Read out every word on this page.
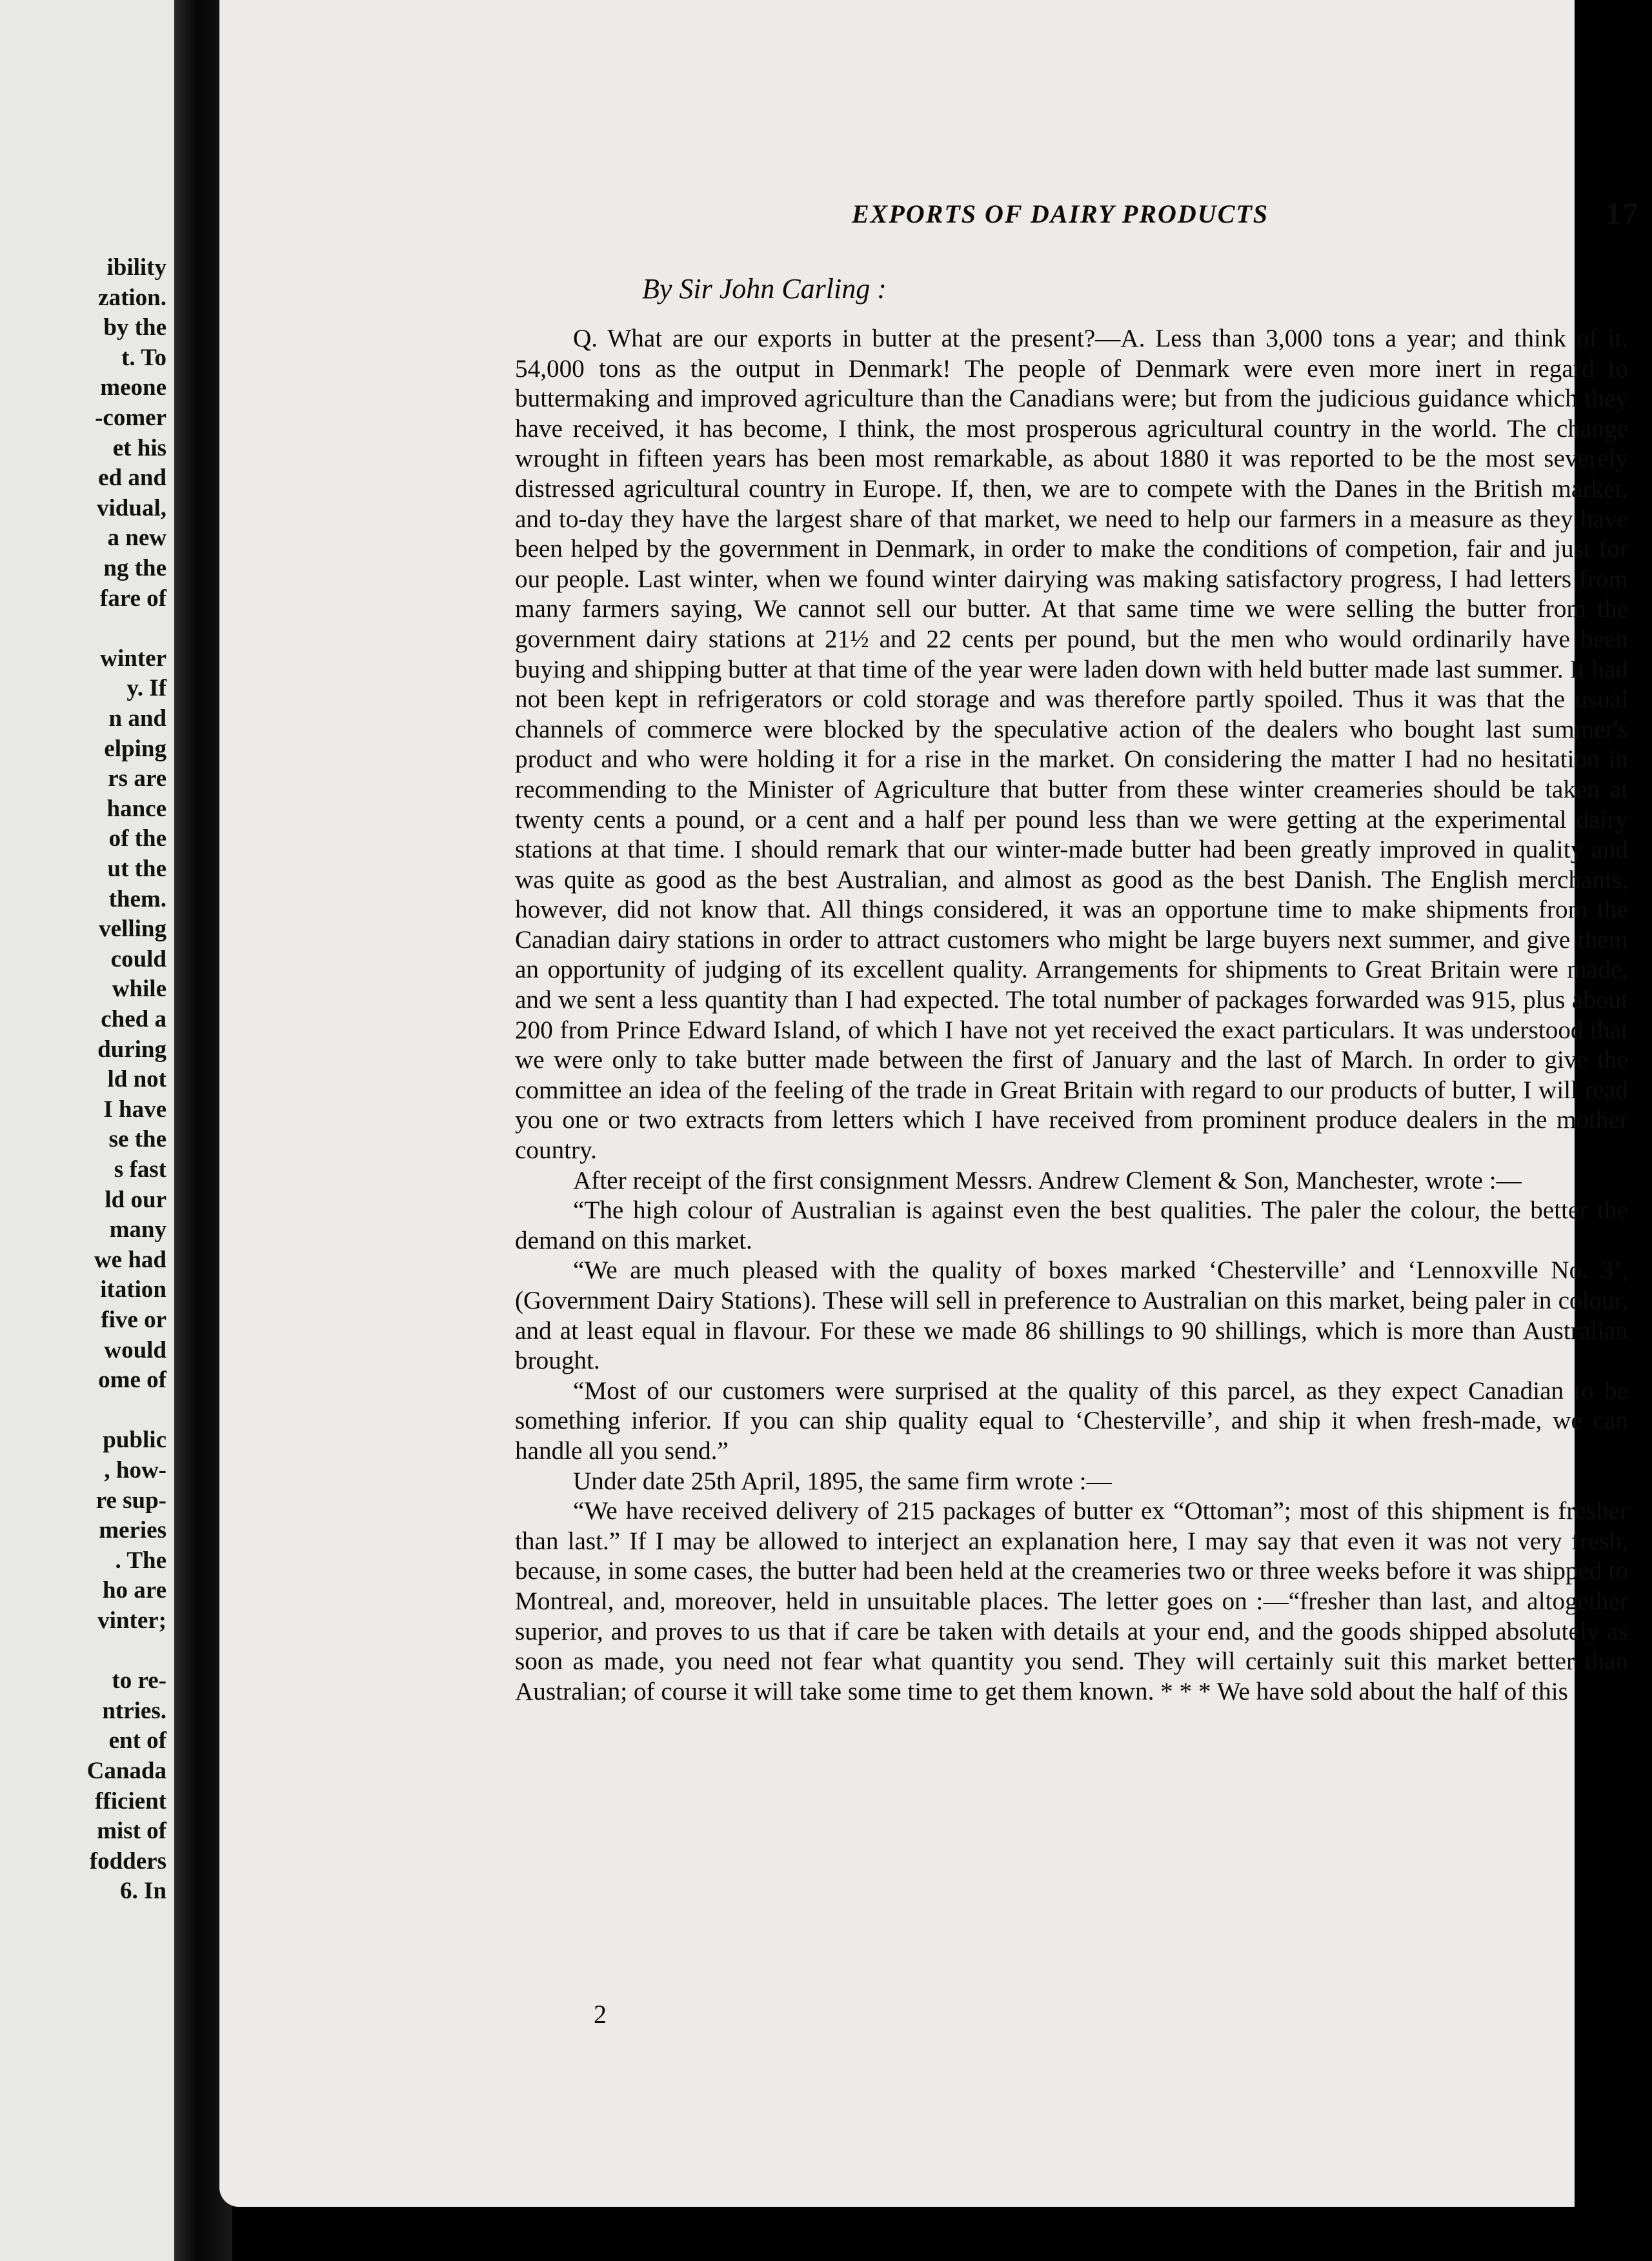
ibility
zation.
by the
t. To
meone
-comer
et his
ed and
vidual,
a new
ng the
fare of
winter
y. If
n and
elping
rs are
hance
of the
ut the
them.
velling
could
while
ched a
during
ld not
I have
se the
s fast
ld our
many
we had
itation
five or
would
ome of
public
, how-
re sup-
meries
. The
ho are
vinter;
to re-
ntries.
ent of
Canada
fficient
mist of
fodders
6. In
EXPORTS OF DAIRY PRODUCTS	17
By Sir John Carling :

Q. What are our exports in butter at the present?—A. Less than 3,000 tons a year; and think of it, 54,000 tons as the output in Denmark! The people of Denmark were even more inert in regard to buttermaking and improved agriculture than the Canadians were; but from the judicious guidance which they have received, it has become, I think, the most prosperous agricultural country in the world. The change wrought in fifteen years has been most remarkable, as about 1880 it was reported to be the most severely distressed agricultural country in Europe. If, then, we are to compete with the Danes in the British market, and to-day they have the largest share of that market, we need to help our farmers in a measure as they have been helped by the government in Denmark, in order to make the conditions of competion, fair and just for our people. Last winter, when we found winter dairying was making satisfactory progress, I had letters from many farmers saying, We cannot sell our butter. At that same time we were selling the butter from the government dairy stations at 21½ and 22 cents per pound, but the men who would ordinarily have been buying and shipping butter at that time of the year were laden down with held butter made last summer. It had not been kept in refrigerators or cold storage and was therefore partly spoiled. Thus it was that the usual channels of commerce were blocked by the speculative action of the dealers who bought last summer's product and who were holding it for a rise in the market. On considering the matter I had no hesitation in recommending to the Minister of Agriculture that butter from these winter creameries should be taken at twenty cents a pound, or a cent and a half per pound less than we were getting at the experimental dairy stations at that time. I should remark that our winter-made butter had been greatly improved in quality and was quite as good as the best Australian, and almost as good as the best Danish. The English merchants, however, did not know that. All things considered, it was an opportune time to make shipments from the Canadian dairy stations in order to attract customers who might be large buyers next summer, and give them an opportunity of judging of its excellent quality. Arrangements for shipments to Great Britain were made, and we sent a less quantity than I had expected. The total number of packages forwarded was 915, plus about 200 from Prince Edward Island, of which I have not yet received the exact particulars. It was understood that we were only to take butter made between the first of January and the last of March. In order to give the committee an idea of the feeling of the trade in Great Britain with regard to our products of butter, I will read you one or two extracts from letters which I have received from prominent produce dealers in the mother country.

After receipt of the first consignment Messrs. Andrew Clement & Son, Manchester, wrote :—

“The high colour of Australian is against even the best qualities. The paler the colour, the better the demand on this market.

“We are much pleased with the quality of boxes marked ‘Chesterville’ and ‘Lennoxville No. 3’, (Government Dairy Stations). These will sell in preference to Australian on this market, being paler in colour, and at least equal in flavour. For these we made 86 shillings to 90 shillings, which is more than Australian brought.

“Most of our customers were surprised at the quality of this parcel, as they expect Canadian to be something inferior. If you can ship quality equal to ‘Chesterville’, and ship it when fresh-made, we can handle all you send.”

Under date 25th April, 1895, the same firm wrote :—

“We have received delivery of 215 packages of butter ex “Ottoman”; most of this shipment is fresher than last.” If I may be allowed to interject an explanation here, I may say that even it was not very fresh, because, in some cases, the butter had been held at the creameries two or three weeks before it was shipped to Montreal, and, moreover, held in unsuitable places. The letter goes on :—“fresher than last, and altogether superior, and proves to us that if care be taken with details at your end, and the goods shipped absolutely as soon as made, you need not fear what quantity you send. They will certainly suit this market better than Australian; of course it will take some time to get them known. * * * We have sold about the half of this

2
